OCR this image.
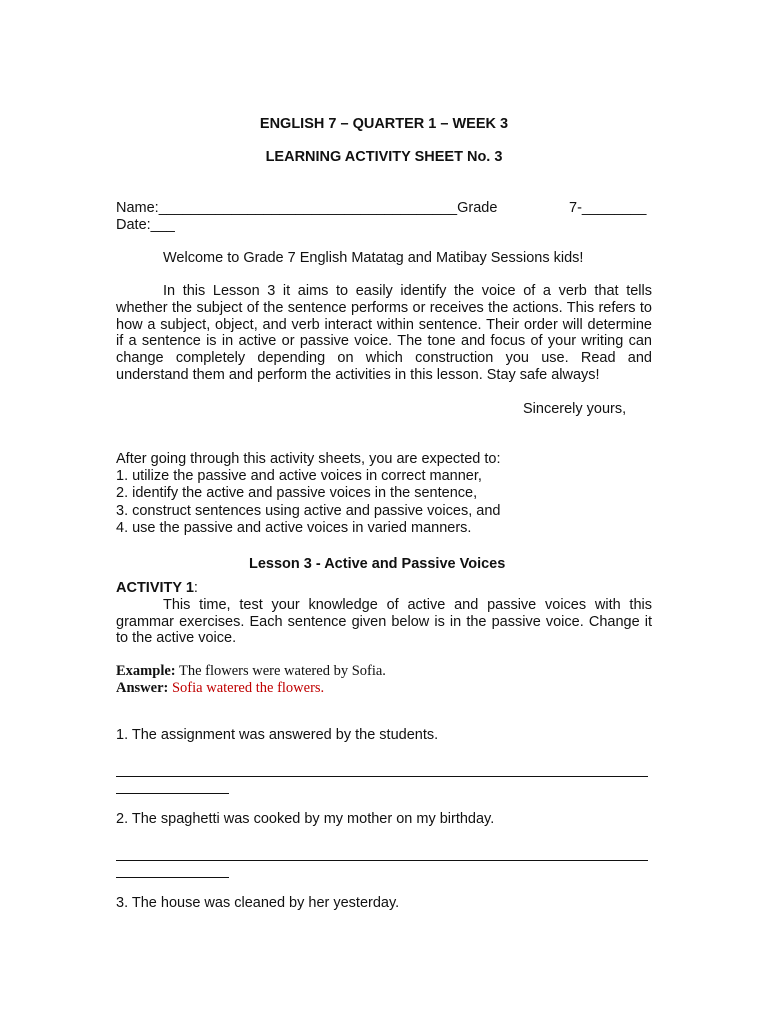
ENGLISH 7 – QUARTER 1 – WEEK 3
LEARNING ACTIVITY SHEET No. 3
Name:_____________________________________Grade	7-________
Date:___
Welcome to Grade 7 English Matatag and Matibay Sessions kids!
In this Lesson 3 it aims to easily identify the voice of a verb that tells whether the subject of the sentence performs or receives the actions. This refers to how a subject, object, and verb interact within sentence. Their order will determine if a sentence is in active or passive voice. The tone and focus of your writing can change completely depending on which construction you use. Read and understand them and perform the activities in this lesson. Stay safe always!
Sincerely yours,
After going through this activity sheets, you are expected to:
1. utilize the passive and active voices in correct manner,
2. identify the active and passive voices in the sentence,
3. construct sentences using active and passive voices, and
4. use the passive and active voices in varied manners.
Lesson 3 - Active and Passive Voices
ACTIVITY 1:
This time, test your knowledge of active and passive voices with this grammar exercises. Each sentence given below is in the passive voice. Change it to the active voice.
Example: The flowers were watered by Sofia.
Answer: Sofia watered the flowers.
1. The assignment was answered by the students.
2. The spaghetti was cooked by my mother on my birthday.
3. The house was cleaned by her yesterday.
